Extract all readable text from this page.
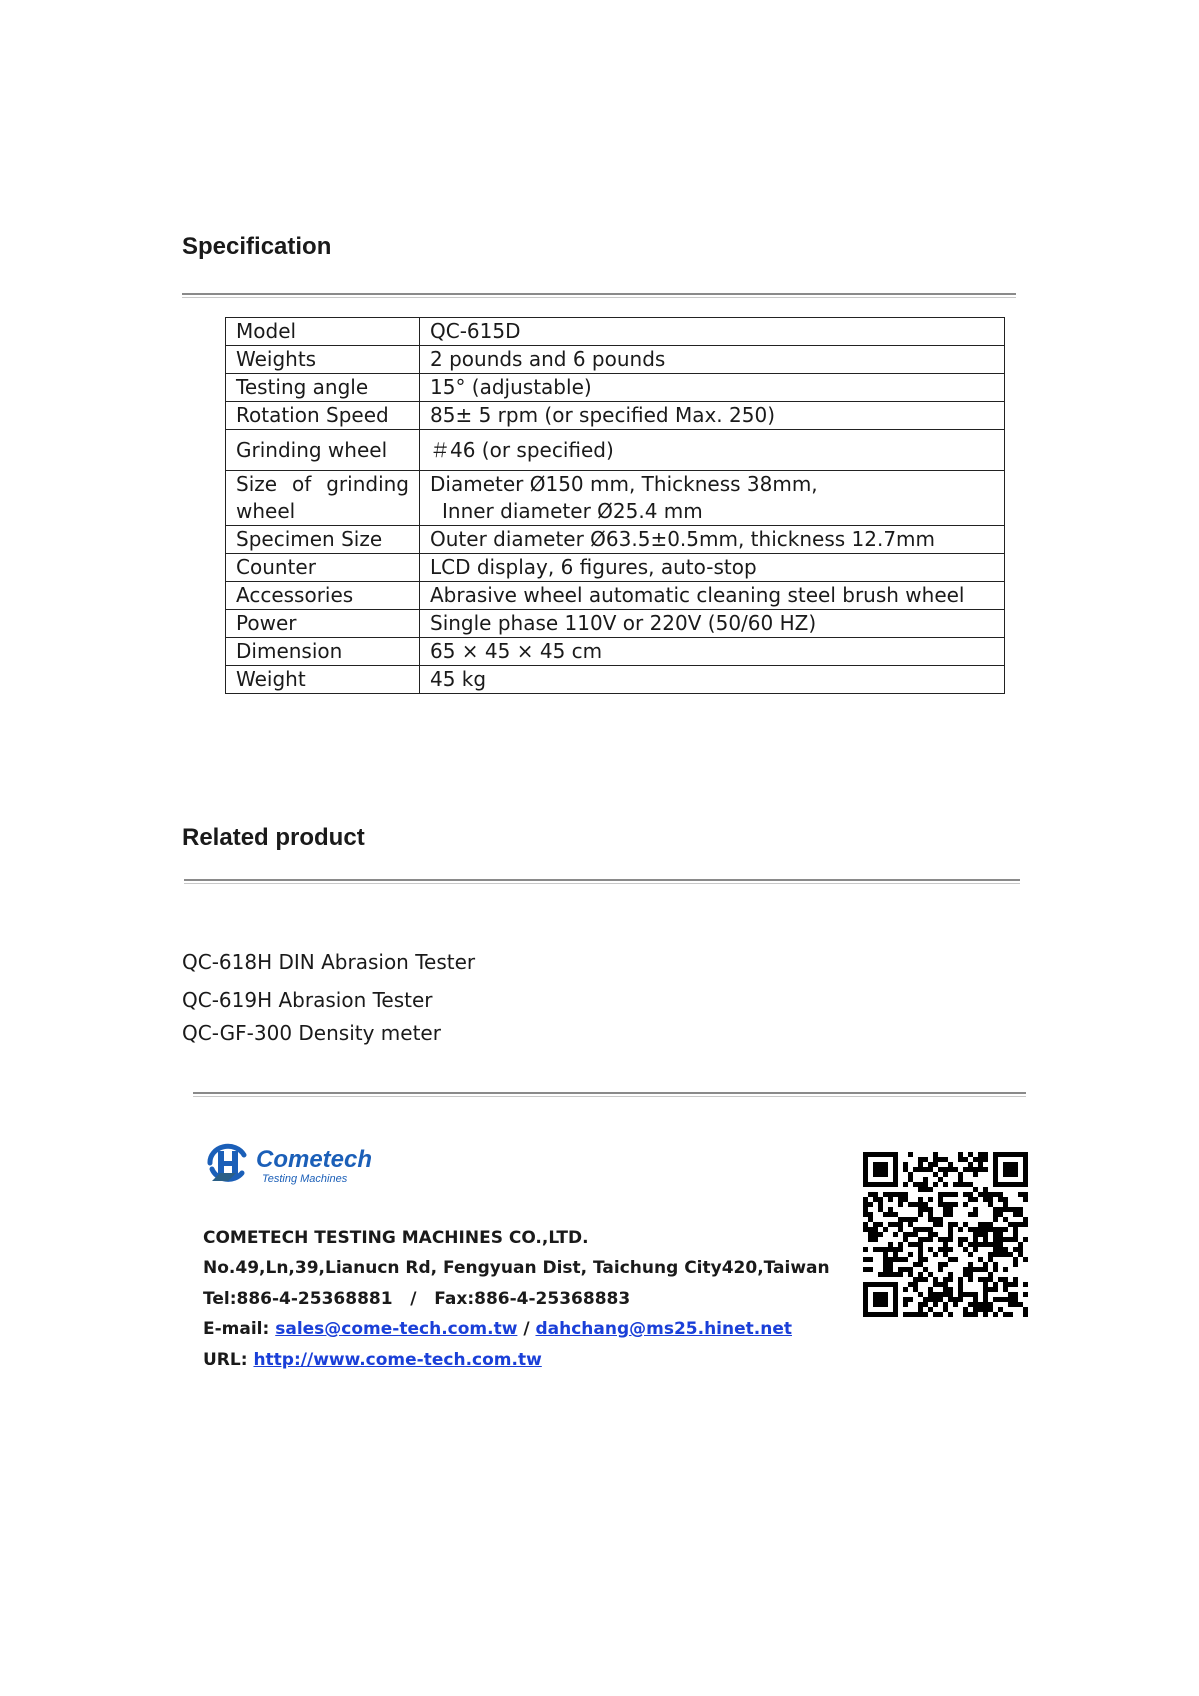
Specification
Model	QC-615D
Weights	2 pounds and 6 pounds
Testing angle	15° (adjustable)
Rotation Speed	85± 5 rpm (or specified Max. 250)
Grinding wheel	＃46 (or specified)
Size of grinding wheel	Diameter Ø150 mm, Thickness 38mm,
Inner diameter Ø25.4 mm

Specimen Size	Outer diameter Ø63.5±0.5mm, thickness 12.7mm
Counter	LCD display, 6 figures, auto-stop
Accessories	Abrasive wheel automatic cleaning steel brush wheel
Power	Single phase 110V or 220V (50/60 HZ)
Dimension	65 × 45 × 45 cm
Weight	45 kg
Related product
QC-618H DIN Abrasion Tester
QC-619H Abrasion Tester
QC-GF-300 Density meter
Cometech
Testing Machines
COMETECH TESTING MACHINES CO.,LTD.
No.49,Ln,39,Lianucn Rd, Fengyuan Dist, Taichung City420,Taiwan
Tel:886-4-25368881   /   Fax:886-4-25368883
E-mail: sales@come-tech.com.tw / dahchang@ms25.hinet.net
URL: http://www.come-tech.com.tw
